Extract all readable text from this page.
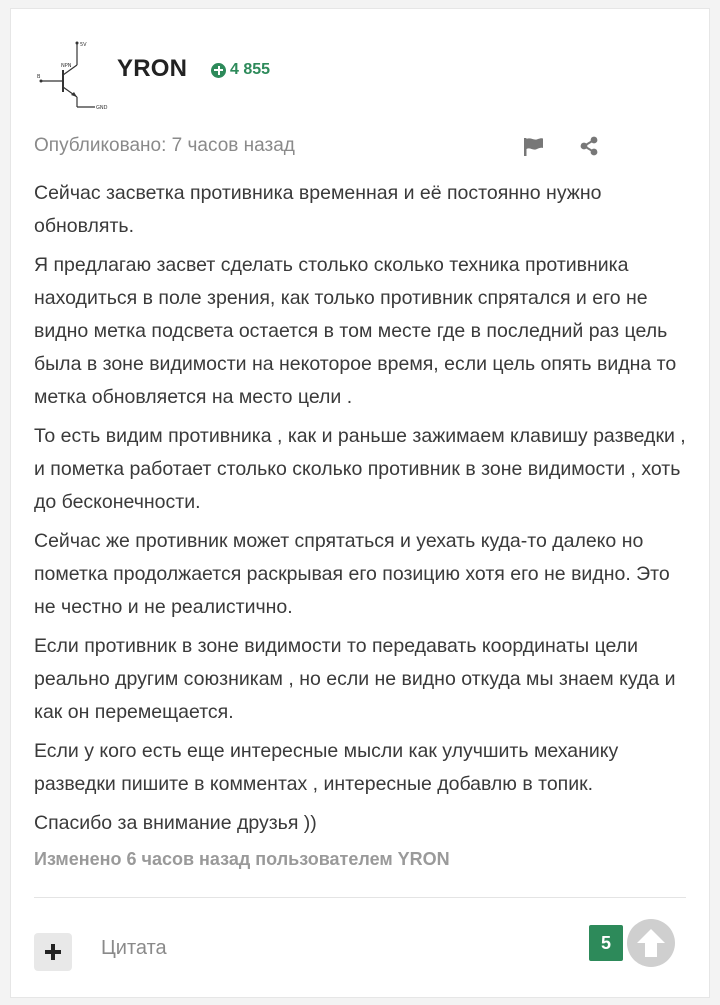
5V
B
NPN
GND
YRON	4 855
Опубликовано: 7 часов назад

Сейчас засветка противника временная и её постоянно нужно обновлять.

Я предлагаю засвет сделать столько сколько техника противника находиться в поле зрения, как только противник спрятался и его не видно метка подсвета остается в том месте где в последний раз цель была в зоне видимости на некоторое время, если цель опять видна то метка обновляется на место цели .

То есть видим противника , как и раньше зажимаем клавишу разведки , и пометка работает столько сколько противник в зоне видимости , хоть до бесконечности.

Сейчас же противник может спрятаться и уехать куда-то далеко но пометка продолжается раскрывая его позицию хотя его не видно. Это не честно и не реалистично.

Если противник в зоне видимости то передавать координаты цели реально другим союзникам , но если не видно откуда мы знаем куда и как он перемещается.

Если у кого есть еще интересные мысли как улучшить механику разведки пишите в комментах , интересные добавлю в топик.

Спасибо за внимание друзья ))

Изменено 6 часов назад пользователем YRON
Цитата	5
